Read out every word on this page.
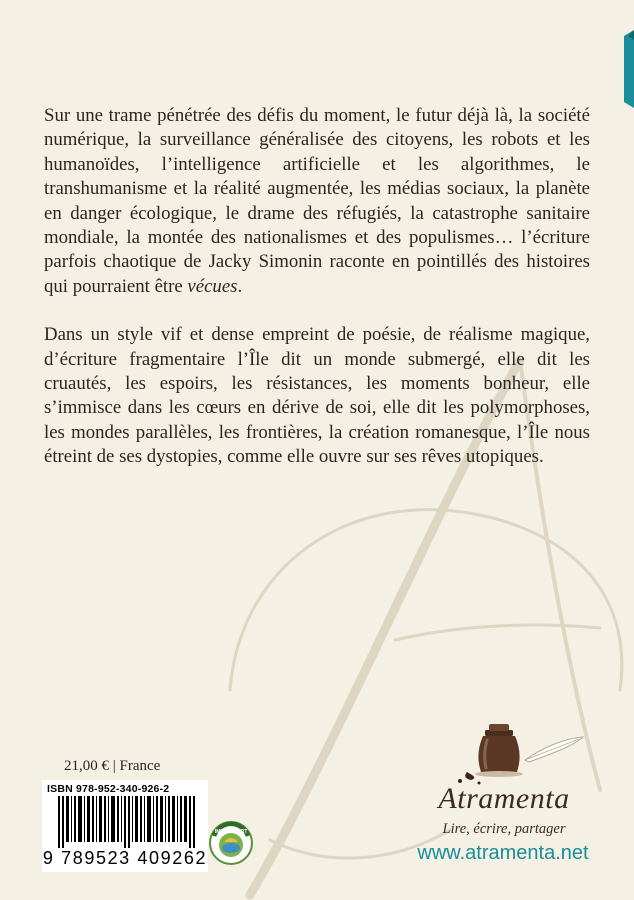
Sur une trame pénétrée des défis du moment, le futur déjà là, la société numérique, la surveillance généralisée des citoyens, les robots et les humanoïdes, l’intelligence artificielle et les algorithmes, le transhumanisme et la réalité augmentée, les médias sociaux, la planète en danger écologique, le drame des réfugiés, la catastrophe sanitaire mondiale, la montée des nationalismes et des populismes… l’écriture parfois chaotique de Jacky Simonin raconte en pointillés des histoires qui pourraient être vécues.

Dans un style vif et dense empreint de poésie, de réalisme magique, d’écriture fragmentaire l’Île dit un monde submergé, elle dit les cruautés, les espoirs, les résistances, les moments bonheur, elle s’immisce dans les cœurs en dérive de soi, elle dit les polymorphoses, les mondes parallèles, les frontières, la création romanesque, l’Île nous étreint de ses dystopies, comme elle ouvre sur ses rêves utopiques.

21,00 € | France
ISBN 978-952-340-926-2
9 789523 409262
IMPRIM'VERT
Atramenta
Lire, écrire, partager
www.atramenta.net
